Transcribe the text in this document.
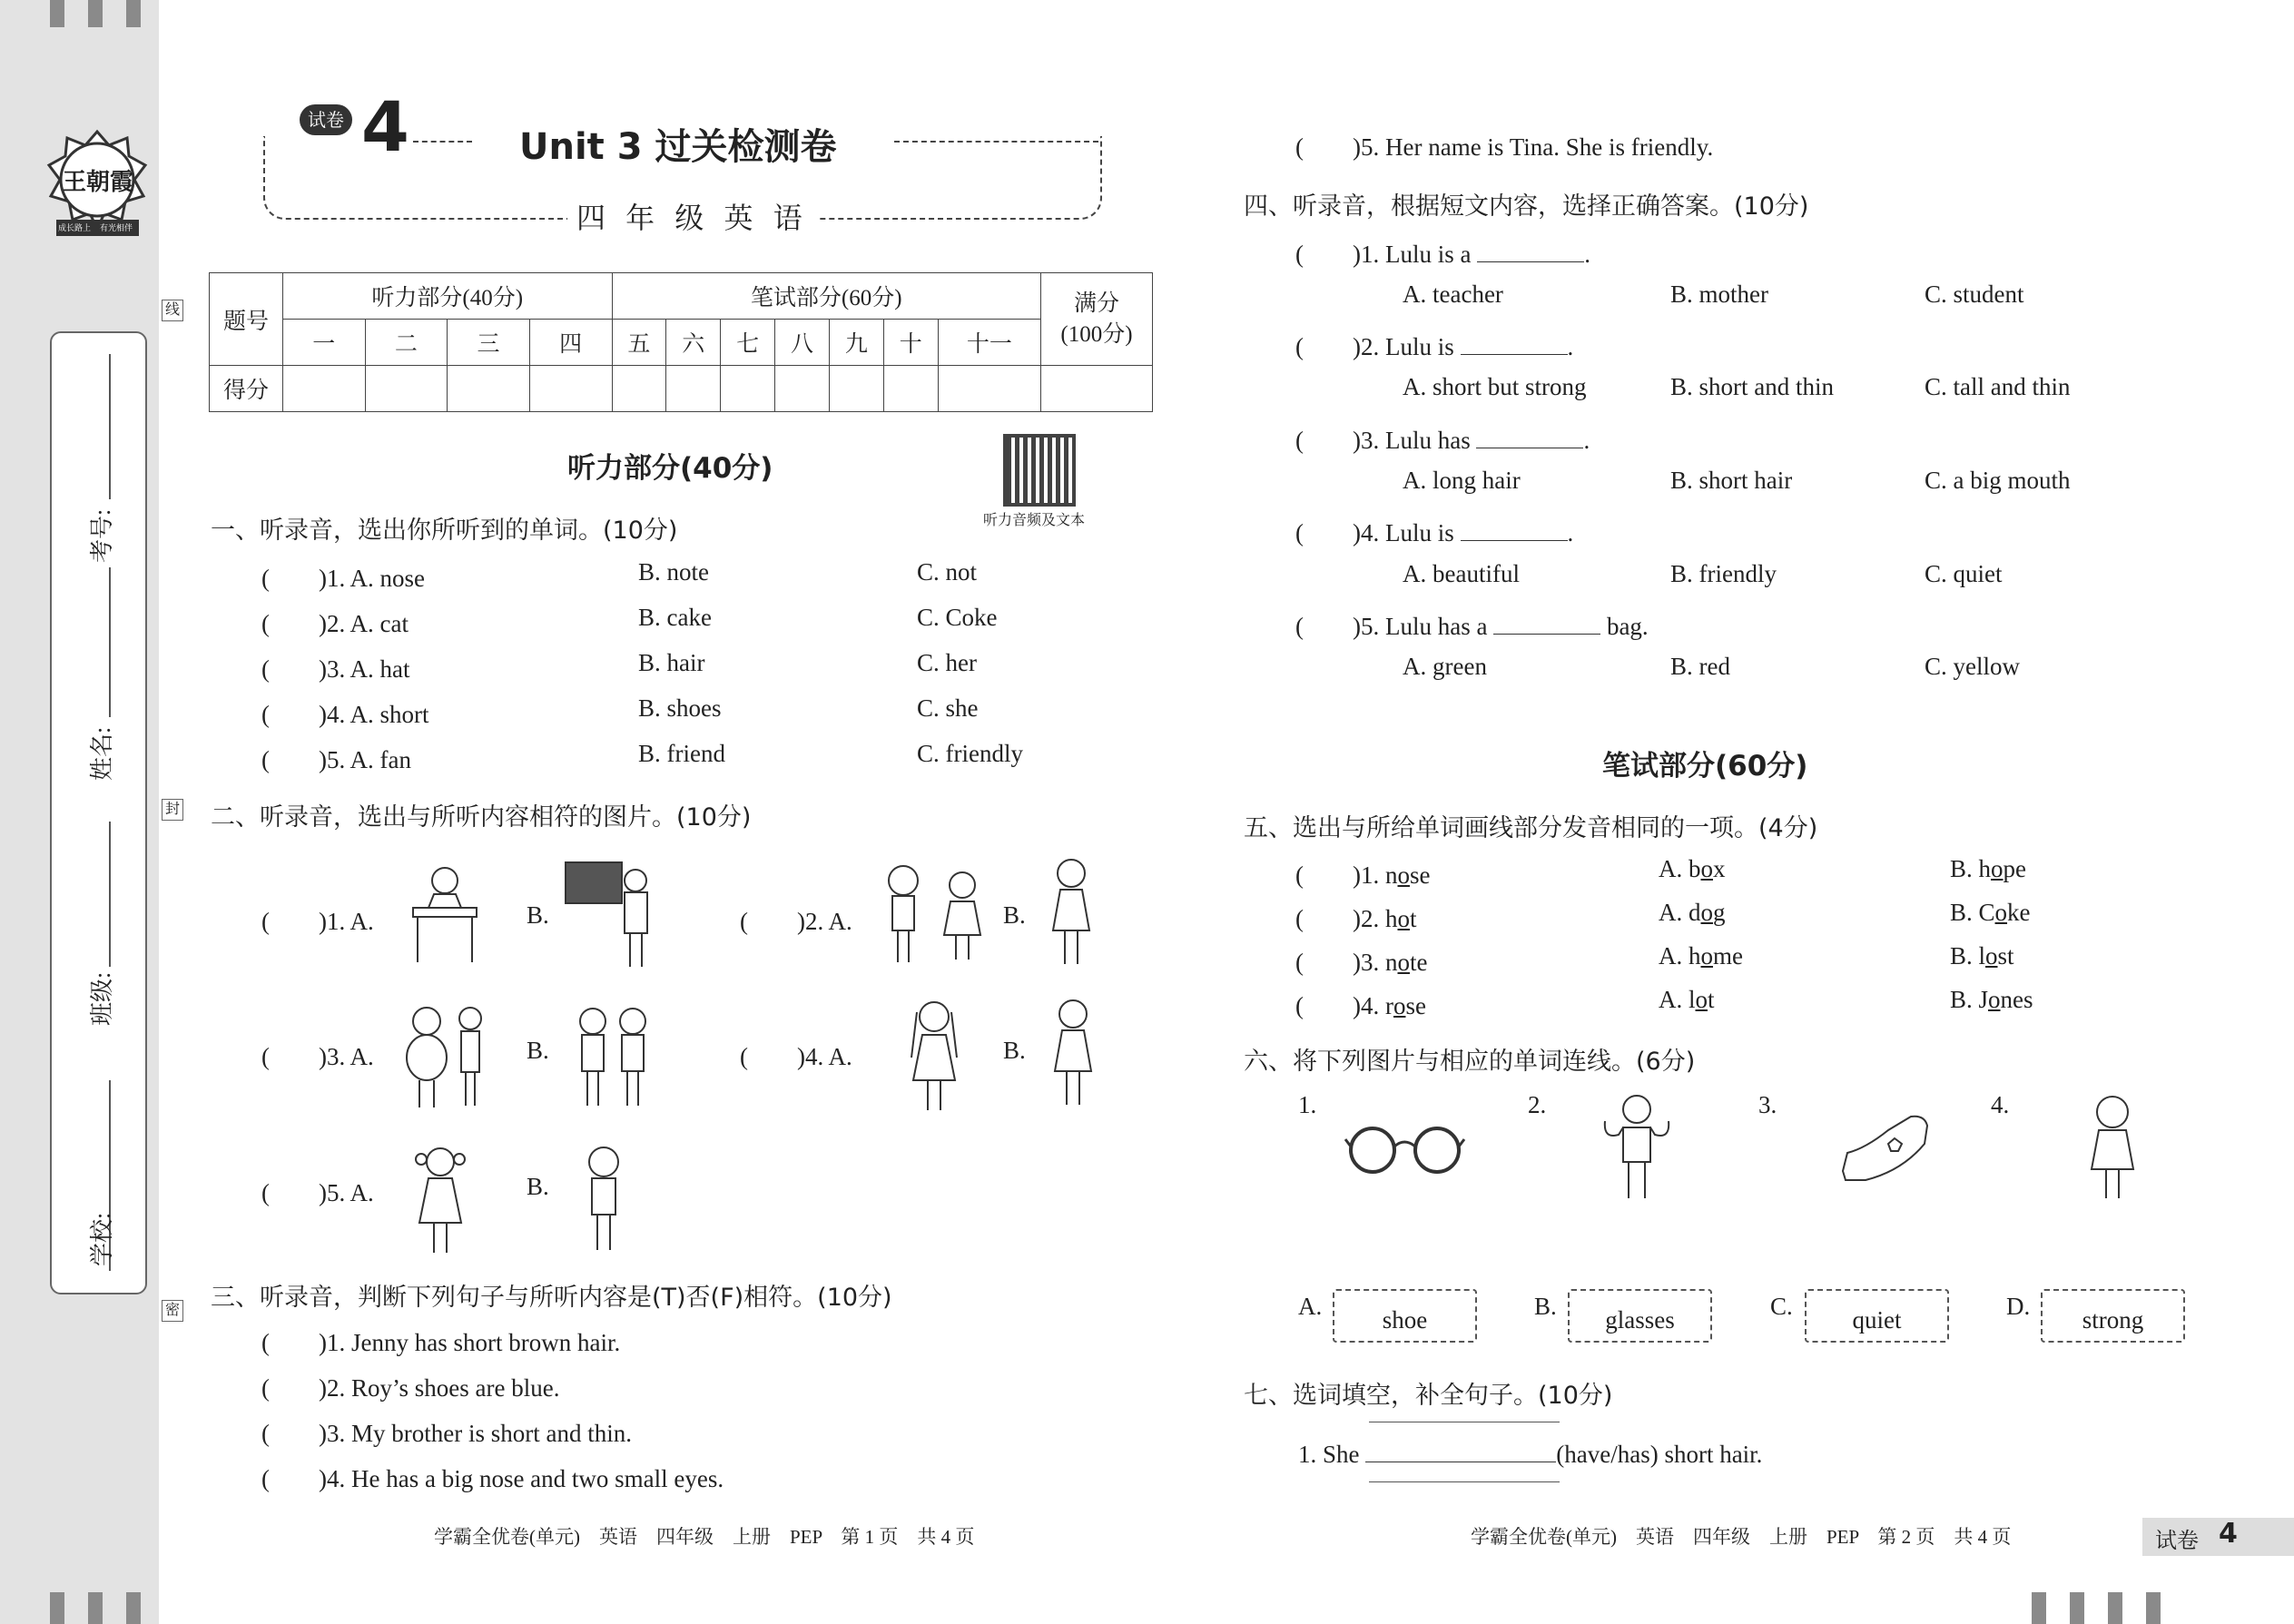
王朝霞
成长路上 有光相伴
学校:
班级:
姓名:
考号:
线
封
密
试卷 4	Unit 3 过关检测卷
四 年 级 英 语
题号	听力部分(40分)				笔试部分(60分)							满分
(100分)
	一	二	三	四	五	六	七	八	九	十	十一	
得分												
听力部分(40分)
听力音频及文本
一、听录音，选出你所听到的单词。(10分)
(　　)1. A. nose	B. note	C. not
(　　)2. A. cat	B. cake	C. Coke
(　　)3. A. hat	B. hair	C. her
(　　)4. A. short	B. shoes	C. she
(　　)5. A. fan	B. friend	C. friendly
二、听录音，选出与所听内容相符的图片。(10分)
(　　)1. A.	B.	(　　)2. A.	B.
(　　)3. A.	B.	(　　)4. A.	B.
(　　)5. A.	B.
三、听录音，判断下列句子与所听内容是(T)否(F)相符。(10分)
(　　)1. Jenny has short brown hair.
(　　)2. Roy’s shoes are blue.
(　　)3. My brother is short and thin.
(　　)4. He has a big nose and two small eyes.
(　　)5. Her name is Tina. She is friendly.
学霸全优卷(单元)　英语　四年级　上册　PEP　第 1 页　共 4 页
四、听录音，根据短文内容，选择正确答案。(10分)
(　　)1. Lulu is a	.
A. teacher	B. mother	C. student
(　　)2. Lulu is	.
A. short but strong	B. short and thin	C. tall and thin
(　　)3. Lulu has	.
A. long hair	B. short hair	C. a big mouth
(　　)4. Lulu is	.
A. beautiful	B. friendly	C. quiet
(　　)5. Lulu has a	bag.
A. green	B. red	C. yellow
笔试部分(60分)
五、选出与所给单词画线部分发音相同的一项。(4分)
(　　)1. nose	A. box	B. hope
(　　)2. hot	A. dog	B. Coke
(　　)3. note	A. home	B. lost
(　　)4. rose	A. lot	B. Jones
六、将下列图片与相应的单词连线。(6分)
1.	2.	3.	4.
A.	shoe	B.	glasses	C.	quiet	D.	strong
七、选词填空，补全句子。(10分)
1. She	(have/has) short hair.
学霸全优卷(单元)　英语　四年级　上册　PEP　第 2 页　共 4 页	试卷 4
